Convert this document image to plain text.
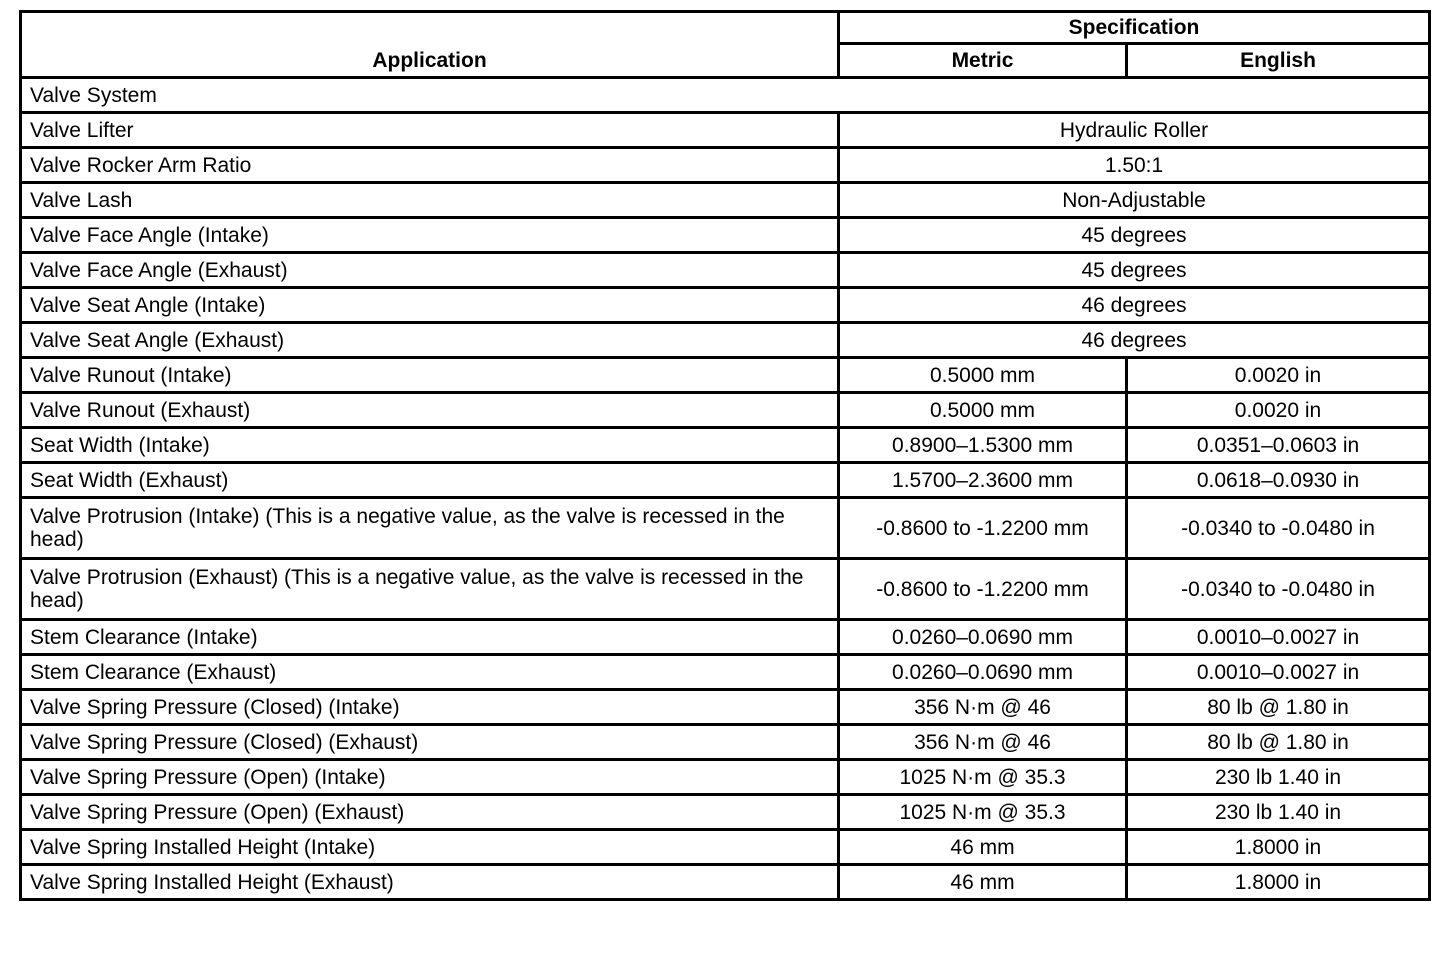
Application	Specification	
	Metric	English
Valve System		
Valve Lifter	Hydraulic Roller	
Valve Rocker Arm Ratio	1.50:1	
Valve Lash	Non-Adjustable	
Valve Face Angle (Intake)	45 degrees	
Valve Face Angle (Exhaust)	45 degrees	
Valve Seat Angle (Intake)	46 degrees	
Valve Seat Angle (Exhaust)	46 degrees	
Valve Runout (Intake)	0.5000 mm	0.0020 in
Valve Runout (Exhaust)	0.5000 mm	0.0020 in
Seat Width (Intake)	0.8900–1.5300 mm	0.0351–0.0603 in
Seat Width (Exhaust)	1.5700–2.3600 mm	0.0618–0.0930 in
Valve Protrusion (Intake) (This is a negative value, as the valve is recessed in the head)	-0.8600 to -1.2200 mm	-0.0340 to -0.0480 in
Valve Protrusion (Exhaust) (This is a negative value, as the valve is recessed in the head)	-0.8600 to -1.2200 mm	-0.0340 to -0.0480 in
Stem Clearance (Intake)	0.0260–0.0690 mm	0.0010–0.0027 in
Stem Clearance (Exhaust)	0.0260–0.0690 mm	0.0010–0.0027 in
Valve Spring Pressure (Closed) (Intake)	356 N·m @ 46	80 lb @ 1.80 in
Valve Spring Pressure (Closed) (Exhaust)	356 N·m @ 46	80 lb @ 1.80 in
Valve Spring Pressure (Open) (Intake)	1025 N·m @ 35.3	230 lb 1.40 in
Valve Spring Pressure (Open) (Exhaust)	1025 N·m @ 35.3	230 lb 1.40 in
Valve Spring Installed Height (Intake)	46 mm	1.8000 in
Valve Spring Installed Height (Exhaust)	46 mm	1.8000 in
